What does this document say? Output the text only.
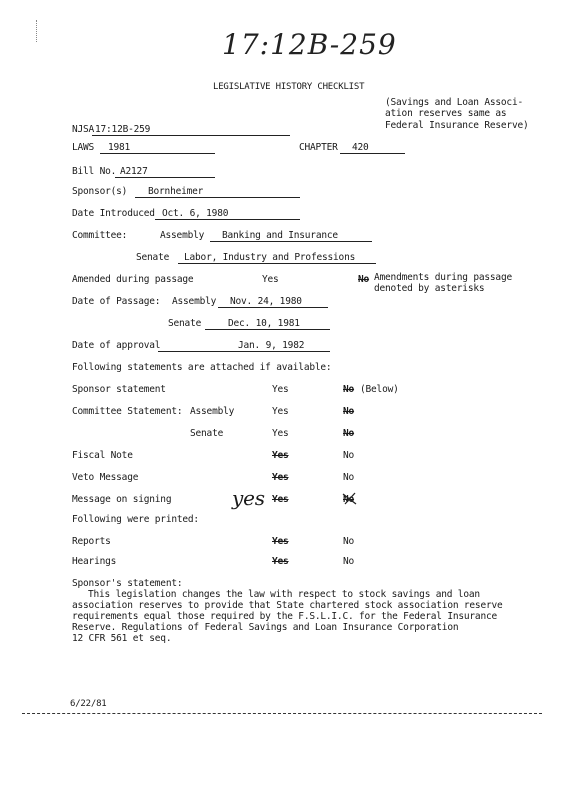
17:12B-259
LEGISLATIVE HISTORY CHECKLIST
(Savings and Loan Associ-
ation reserves same as
Federal Insurance Reserve)
NJSA 17:12B-259
LAWS 1981	CHAPTER 420
Bill No. A2127
Sponsor(s) Bornheimer
Date Introduced Oct. 6, 1980
Committee:	Assembly Banking and Insurance
Senate Labor, Industry and Professions
Amended during passage	Yes	No Amendments during passage
denoted by asterisks
Date of Passage: Assembly Nov. 24, 1980
Senate	Dec. 10, 1981
Date of approval	Jan. 9, 1982
Following statements are attached if available:
Sponsor statement	Yes	No (Below)
Committee Statement: Assembly	Yes	No
Senate	Yes	No
Fiscal Note	Yes	No
Veto Message	Yes	No
Message on signing	yes Yes	No
Following were printed:
Reports	Yes	No
Hearings	Yes	No
Sponsor's statement:
This legislation changes the law with respect to stock savings and loan
association reserves to provide that State chartered stock association reserve
requirements equal those required by the F.S.L.I.C. for the Federal Insurance
Reserve. Regulations of Federal Savings and Loan Insurance Corporation
12 CFR 561 et seq.
6/22/81
